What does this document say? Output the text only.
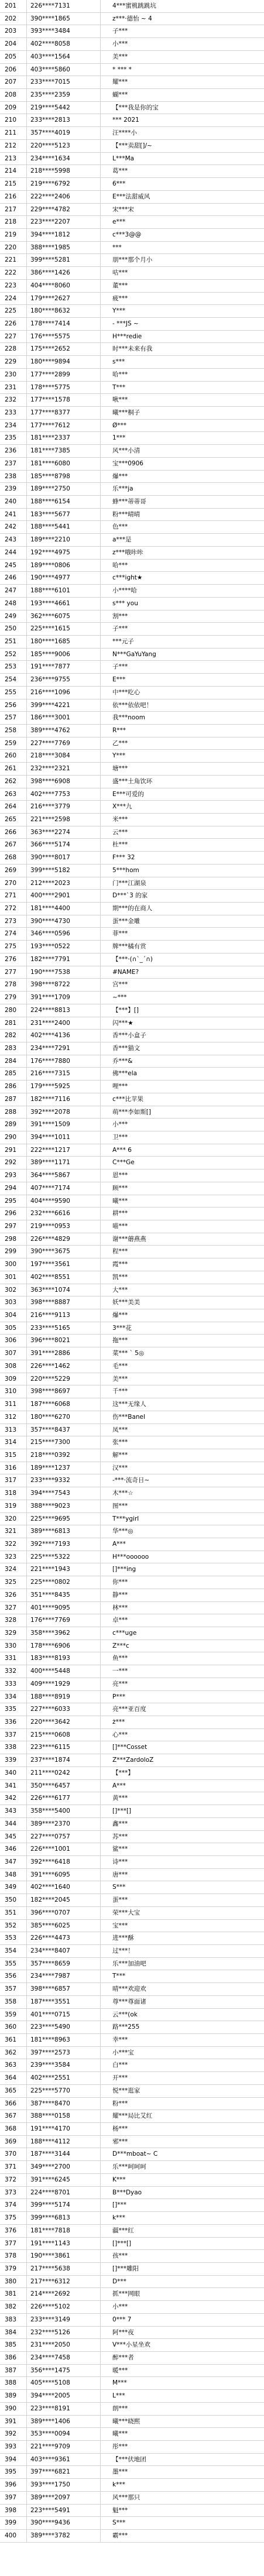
201	226****7131	4***蜜桃跳跳坑
202	390****1865	z***·德怡 ~ 4
203	393****3484	子***
204	402****8058	小***
205	403****1564	美***
206	403****5860	* *** *
207	233****7015	耀***
208	235****2359	蝴***
209	219****5442	【***我是你的宝
210	233****2813	*** 2021
211	357****4019	汪****小
212	220****5123	【***卖甜[]/~
213	234****1634	L***Ma
214	218****5998	葛***
215	219****6792	6***
216	222****2406	E***法甜威风
217	229****4782	宋***宋
218	223****2207	e***
219	394****1812	c***3@@
220	388****1985	***
221	399****5281	朋***那个月小
222	386****1426	咕***
223	404****8060	董***
224	179****2627	疲***
225	180****8632	Y***
226	178****7414	- ***JS ~
227	176****5575	H***redie
228	175****2652	时***未来有我
229	180****9894	s***
230	177****2899	哈***
231	178****5775	T***
232	177****1578	啾***
233	177****8377	曦***桐子
234	177****7612	Ø***
235	181****2337	1***
236	181****7385	风***小清
237	181****6080	宝***0906
238	185****8798	爆***
239	189****2750	乐***ja
240	188****6154	蜂***蒂蒂哥
241	183****5677	粉***晴晴
242	188****5441	色***
243	189****2210	a***是
244	192****4975	z***哦咔咔
245	189****0806	哈***
246	190****4977	c***ight★
247	188****6101	小****哈
248	193****4661	s*** you
249	362****6075	割***
250	225****1615	子***
251	180****1685	***元子
252	185****9006	N***GaYuYang
253	191****7877	子***
254	236****9755	E***
255	216****1096	中***吃心
256	399****4221	依***依依吧！
257	186****3001	我***noom
258	389****4762	R***
259	227****7769	乙***
260	218****3084	Y***
261	232****2321	塘***
262	398****6908	盛***土角饮环
263	402****7753	E***可爱的
264	216****3779	X***九
265	221****2598	米***
266	363****2274	云***
267	366****5174	杜***
268	390****8017	F*** 32
269	399****5182	5***hom
270	212****2023	门***江湖泉
271	400****2901	D***`3 的家
272	181****4400	期***的在商人
273	390****4730	蛋***金雕
274	346****0596	菲***
275	193****0522	牌***橘有赏
276	182****7791	【***·(∩`_´∩)
277	190****7538	#NAME?
278	398****8722	宫***
279	391****1709	~***
280	224****8813	【***】[]
281	231****2400	闪***★
282	402****4136	香***小盒子
283	234****7291	香***猫文
284	176****7880	乔***&
285	216****7315	佛***ela
286	179****5925	哩***
287	182****7116	c***比苹果
288	392****2078	萌***李如斯[]
289	391****1509	小***
290	394****1011	卫***
291	222****1217	A*** 6
292	389****1171	C***Ge
293	364****5867	恩***
294	407****7174	顾***
295	404****9590	曦***
296	232****6616	耕***
297	219****0953	喵***
298	226****4829	谢***蘑燕燕
299	390****3675	程***
300	197****3561	霞***
301	402****8551	凯***
302	363****1074	大***
303	398****8887	妖***美美
304	216****9113	爆***
305	233****5165	3***花
306	396****8021	拖***
307	391****2886	菜*** ` 5◎
308	226****1462	毛***
309	220****5229	美***
310	398****8697	千***
311	187****6068	这***无缘人
312	180****6270	伤***Banel
313	357****8437	凤***
314	215****7300	张***
315	218****0392	解***
316	189****1237	汉***
317	233****9332	-***·流奇日~
318	394****7543	木***☆
319	388****9023	图***
320	225****9695	T***ygirl
321	389****6813	华***◎
322	392****7193	A***
323	225****5322	H***oooooo
324	221****1943	[]***ing
325	225****0802	你***
326	351****8435	静***
327	401****9095	林***
328	176****7769	卓***
329	358****3962	c***uge
330	178****6906	Z***c
331	183****8193	鱼***
332	400****5448	一***
333	409****1929	亮***
334	188****8919	P***
335	227****6033	亮***亚百度
336	220****3642	ż***
337	215****0608	心***
338	223****6115	[]***Cosset
339	237****1874	Z***ZardoloZ
340	211****0242	【***】
341	350****6457	A***
342	226****6177	黄***
343	358****5400	[]***[]
344	389****2370	鑫***
345	227****0757	苏***
346	226****1001	鲨***
347	392****6418	诗***
348	391****6095	唐***
349	402****1640	S***
350	182****2045	蛋***
351	396****0707	荣***大宝
352	385****6025	宝***
353	226****4473	进***酥
354	234****8407	过***！
355	357****8659	乐***加油吧
356	234****7987	T***
357	398****6857	晴***欢迎欢
358	187****3551	尊***尊面诸
359	401****0715	云***(ok
360	223****5490	路***255
361	181****8963	幸***
362	397****2573	小***宝
363	239****3584	白***
364	402****2551	开***
365	225****5770	悦***逛家
366	387****8470	粉***
367	388****0158	耀***局比艾红
368	191****4170	杨***
369	188****4112	邪***
370	187****3144	D***mboat~ C
371	349****2700	乐***呵呵呵
372	391****6245	K***
373	224****8701	B***Dyao
374	399****5174	[]***
375	399****6813	k***
376	181****7818	疆***红
377	191****1143	[]***[]
378	190****3861	孩***
379	217****5638	[]***雕阳
380	217****6312	D***
381	214****2692	抓***网眼
382	226****5102	小***
383	233****3149	0*** 7
384	232****5126	阿***夜
385	231****2050	V***小星坐欢
386	234****7458	醉***者
387	356****1475	暖***
388	405****5108	M***
389	394****2005	L***
390	223****8191	朗***
391	389****1406	曦***晓熙
392	353****0094	曦***
393	221****9709	彤***
394	403****9361	【***伏地团
395	397****6821	墨***
396	393****1750	k***
397	389****2097	风***那只
398	223****5491	魁***
399	390****9436	S***
400	389****3782	霸***
